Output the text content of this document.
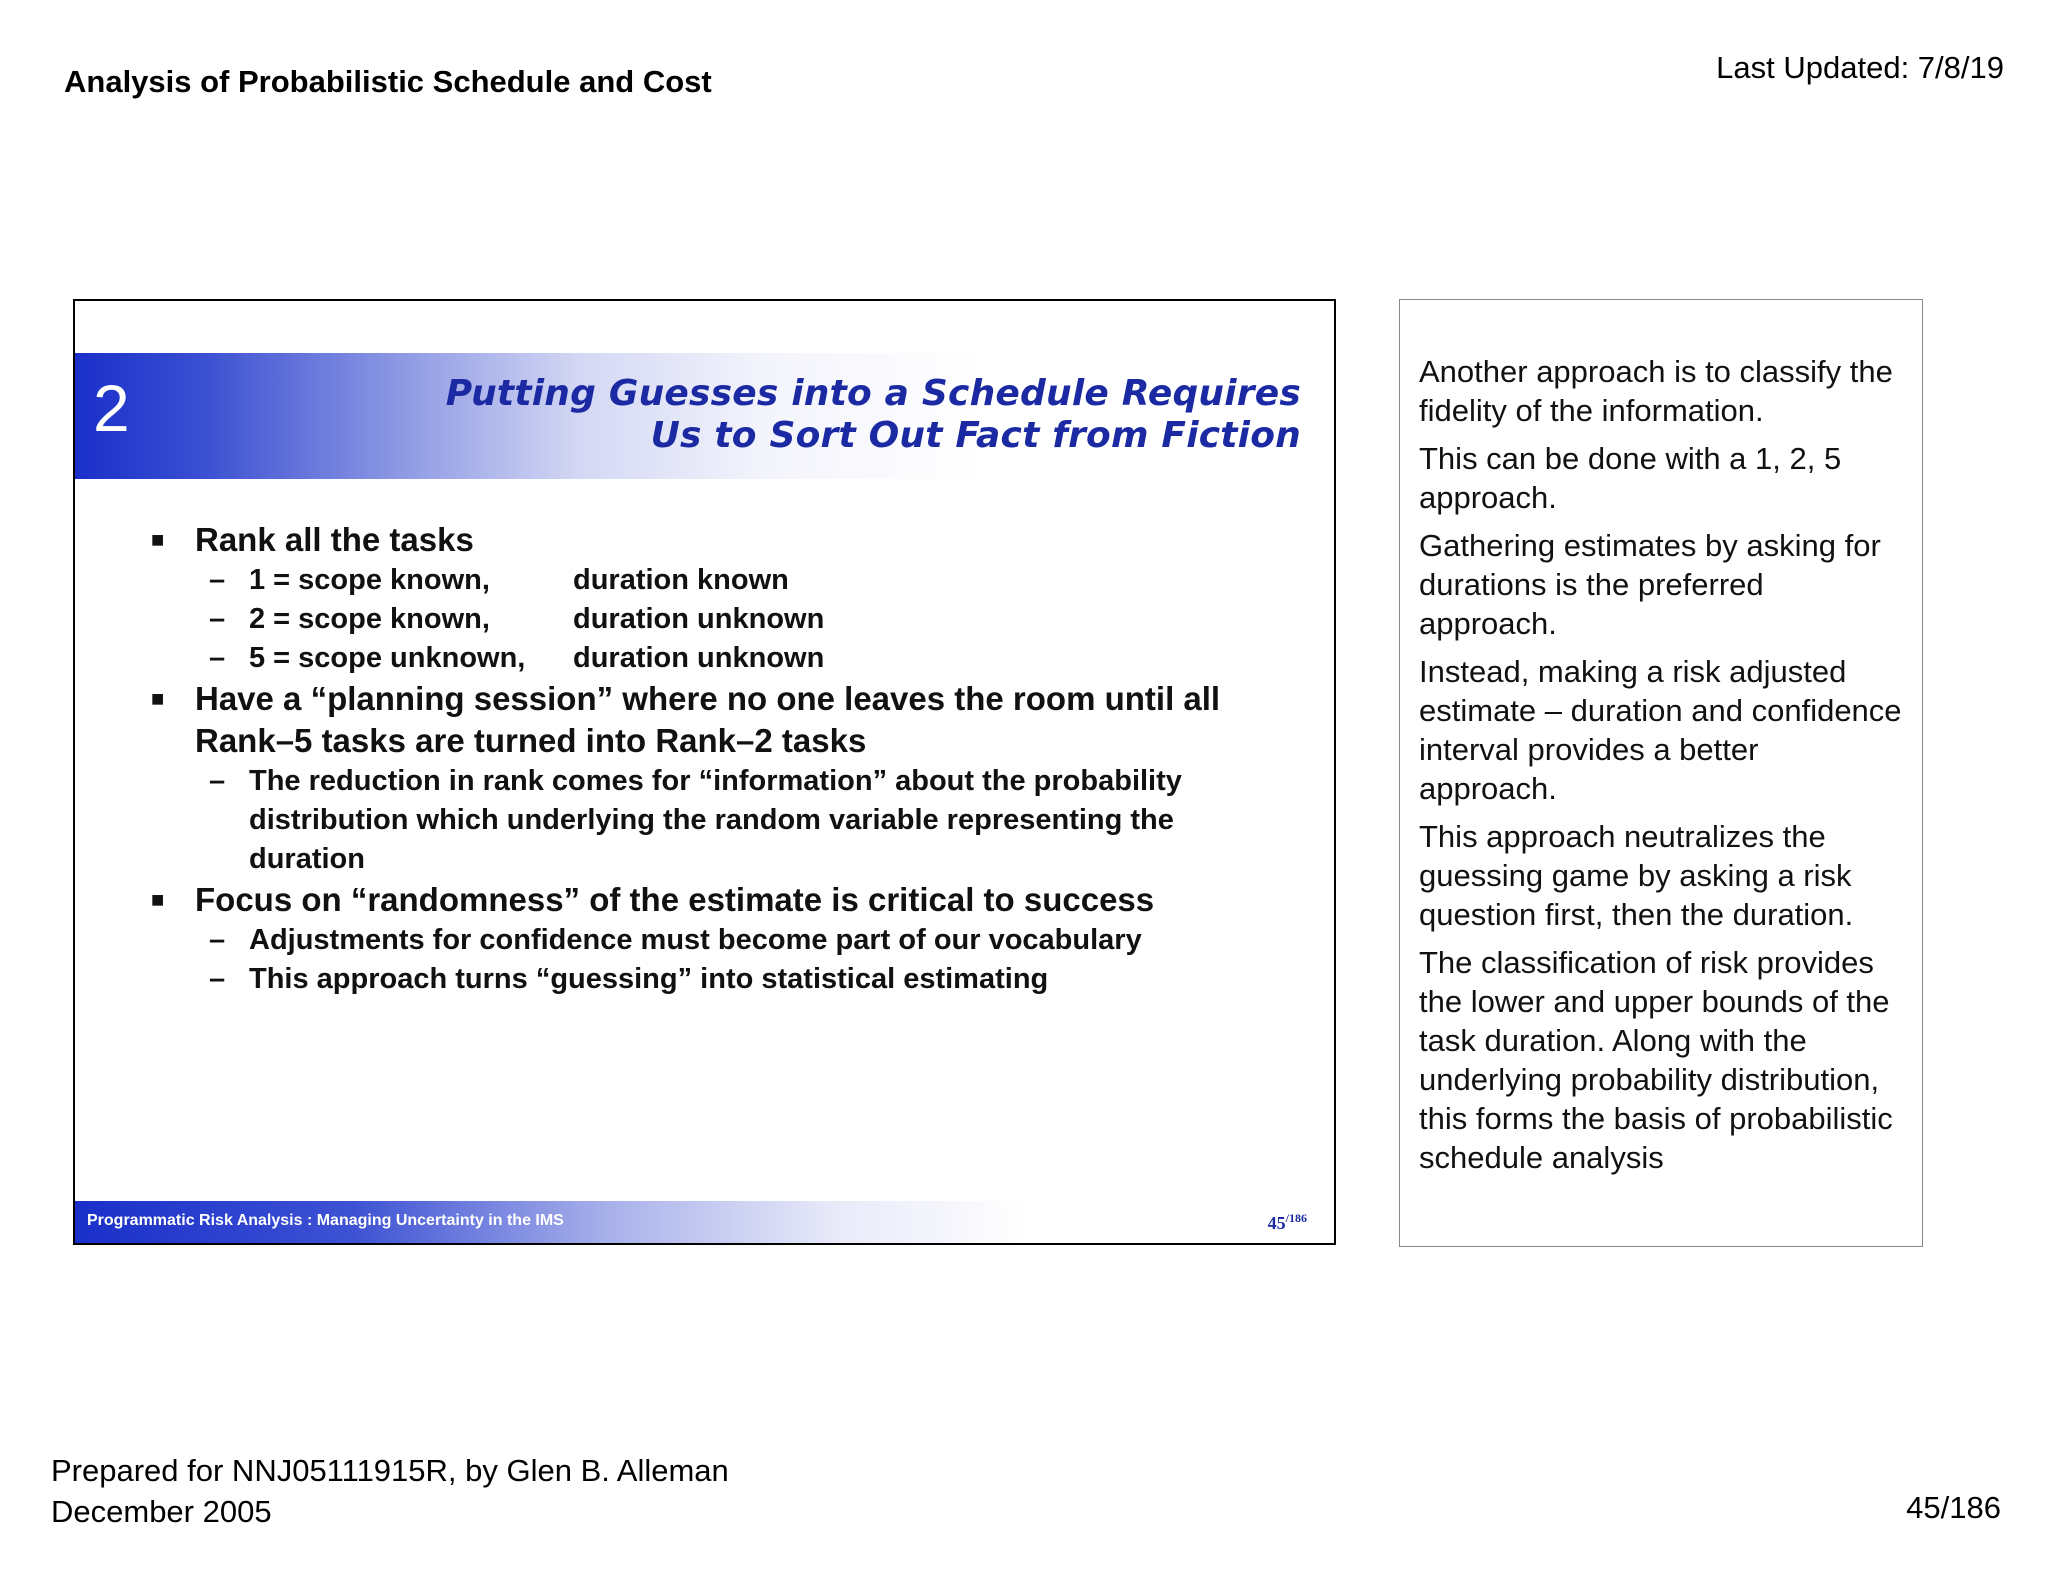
Analysis of Probabilistic Schedule and Cost	Last Updated: 7/8/19
2	Putting Guesses into a Schedule Requires
Us to Sort Out Fact from Fiction
■ Rank all the tasks
– 1 = scope known,	duration known
– 2 = scope known,	duration unknown
– 5 = scope unknown,	duration unknown
■ Have a “planning session” where no one leaves the room until all Rank–5 tasks are turned into Rank–2 tasks
– The reduction in rank comes for “information” about the probability distribution which underlying the random variable representing the duration
■ Focus on “randomness” of the estimate is critical to success
– Adjustments for confidence must become part of our vocabulary
– This approach turns “guessing” into statistical estimating
Programmatic Risk Analysis : Managing Uncertainty in the IMS	$45^{/186}$

Another approach is to classify the fidelity of the information.

This can be done with a 1, 2, 5 approach.

Gathering estimates by asking for durations is the preferred approach.

Instead, making a risk adjusted estimate – duration and confidence interval provides a better approach.

This approach neutralizes the guessing game by asking a risk question first, then the duration.

The classification of risk provides the lower and upper bounds of the task duration. Along with the underlying probability distribution, this forms the basis of probabilistic schedule analysis

Prepared for NNJ05111915R, by Glen B. Alleman
December 2005	45/186
